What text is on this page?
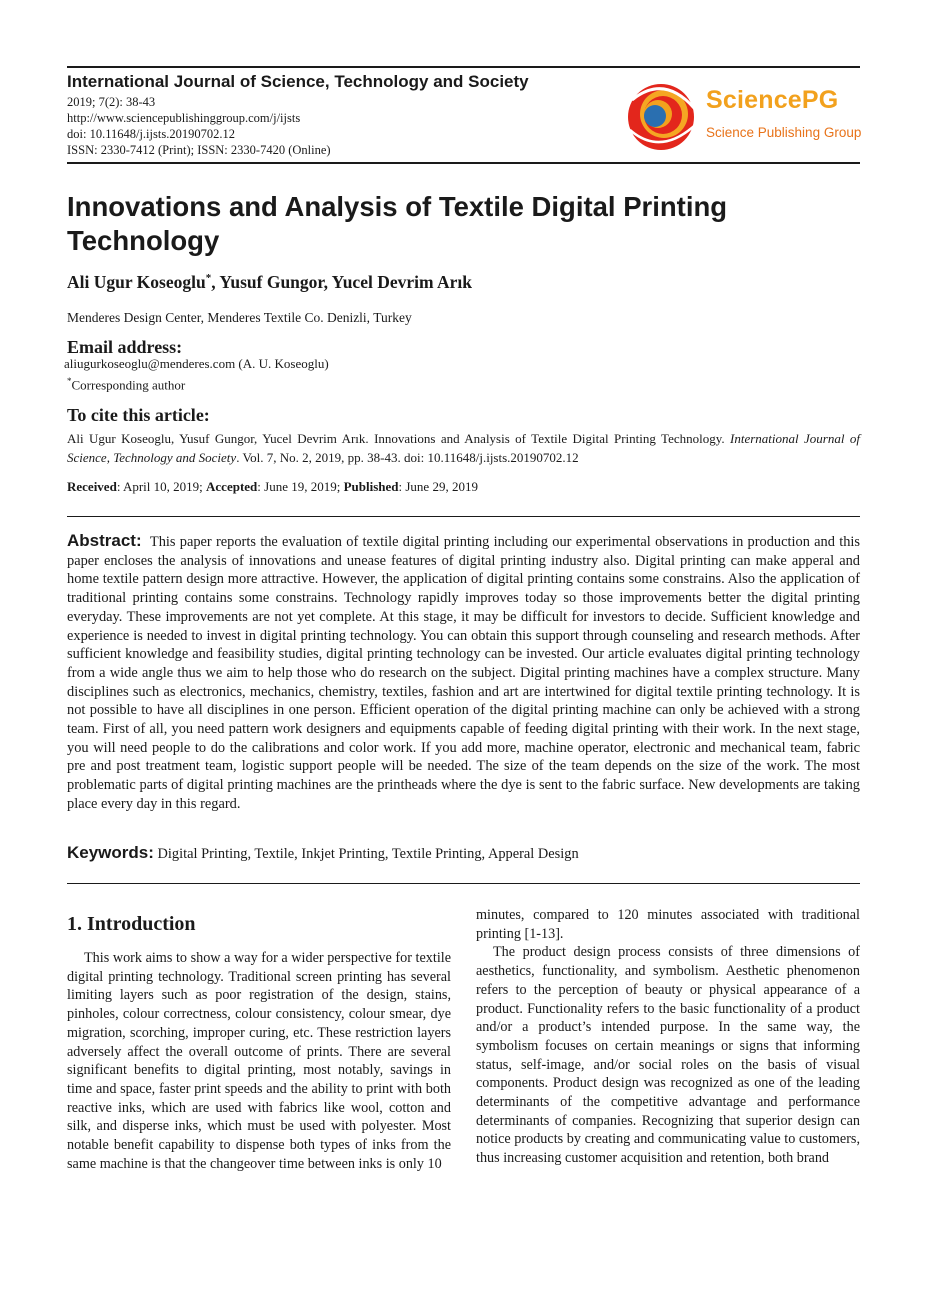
International Journal of Science, Technology and Society
2019; 7(2): 38-43
http://www.sciencepublishinggroup.com/j/ijsts
doi: 10.11648/j.ijsts.20190702.12
ISSN: 2330-7412 (Print); ISSN: 2330-7420 (Online)
SciencePG
Science Publishing Group
Innovations and Analysis of Textile Digital Printing Technology
Ali Ugur Koseoglu*, Yusuf Gungor, Yucel Devrim Arık
Menderes Design Center, Menderes Textile Co. Denizli, Turkey
Email address:
aliugurkoseoglu@menderes.com (A. U. Koseoglu)
*Corresponding author
To cite this article:
Ali Ugur Koseoglu, Yusuf Gungor, Yucel Devrim Arık. Innovations and Analysis of Textile Digital Printing Technology. International Journal of Science, Technology and Society. Vol. 7, No. 2, 2019, pp. 38-43. doi: 10.11648/j.ijsts.20190702.12
Received: April 10, 2019; Accepted: June 19, 2019; Published: June 29, 2019

Abstract: This paper reports the evaluation of textile digital printing including our experimental observations in production and this paper encloses the analysis of innovations and unease features of digital printing industry also. Digital printing can make apperal and home textile pattern design more attractive. However, the application of digital printing contains some constrains. Also the application of traditional printing contains some constrains. Technology rapidly improves today so those improvements better the digital printing everyday. These improvements are not yet complete. At this stage, it may be difficult for investors to decide. Sufficient knowledge and experience is needed to invest in digital printing technology. You can obtain this support through counseling and research methods. After sufficient knowledge and feasibility studies, digital printing technology can be invested. Our article evaluates digital printing technology from a wide angle thus we aim to help those who do research on the subject. Digital printing machines have a complex structure. Many disciplines such as electronics, mechanics, chemistry, textiles, fashion and art are intertwined for digital textile printing technology. It is not possible to have all disciplines in one person. Efficient operation of the digital printing machine can only be achieved with a strong team. First of all, you need pattern work designers and equipments capable of feeding digital printing with their work. In the next stage, you will need people to do the calibrations and color work. If you add more, machine operator, electronic and mechanical team, fabric pre and post treatment team, logistic support people will be needed. The size of the team depends on the size of the work. The most problematic parts of digital printing machines are the printheads where the dye is sent to the fabric surface. New developments are taking place every day in this regard.

Keywords: Digital Printing, Textile, Inkjet Printing, Textile Printing, Apperal Design
1. Introduction

This work aims to show a way for a wider perspective for textile digital printing technology. Traditional screen printing has several limiting layers such as poor registration of the design, stains, pinholes, colour correctness, colour consistency, colour smear, dye migration, scorching, improper curing, etc. These restriction layers adversely affect the overall outcome of prints. There are several significant benefits to digital printing, most notably, savings in time and space, faster print speeds and the ability to print with both reactive inks, which are used with fabrics like wool, cotton and silk, and disperse inks, which must be used with polyester. Most notable benefit capability to dispense both types of inks from the same machine is that the changeover time between inks is only 10

minutes, compared to 120 minutes associated with traditional printing [1-13].

The product design process consists of three dimensions of aesthetics, functionality, and symbolism. Aesthetic phenomenon refers to the perception of beauty or physical appearance of a product. Functionality refers to the basic functionality of a product and/or a product’s intended purpose. In the same way, the symbolism focuses on certain meanings or signs that informing status, self-image, and/or social roles on the basis of visual components. Product design was recognized as one of the leading determinants of the competitive advantage and performance determinants of companies. Recognizing that superior design can notice products by creating and communicating value to customers, thus increasing customer acquisition and retention, both brand
